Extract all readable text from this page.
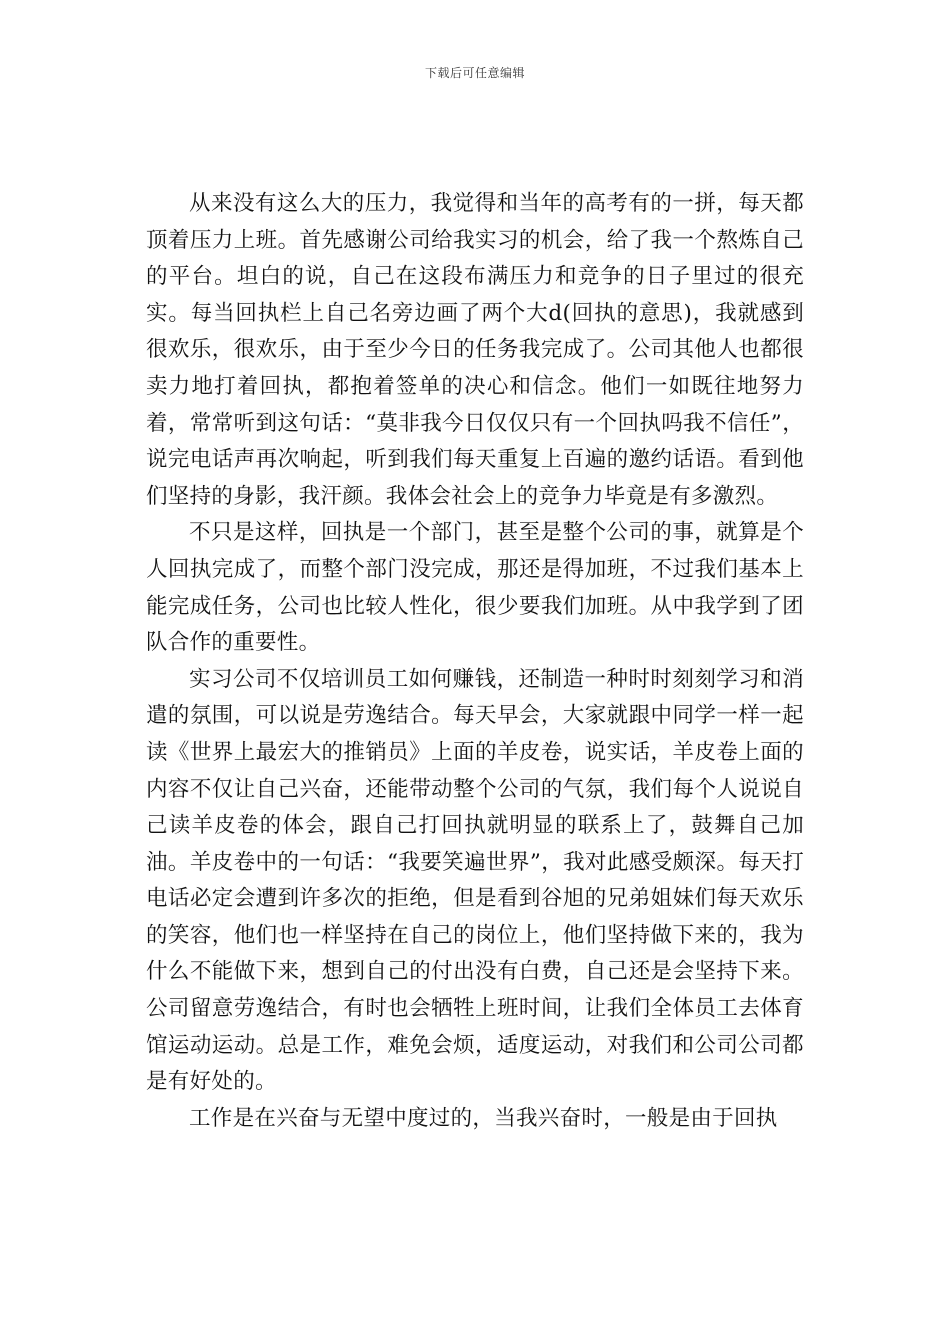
下载后可任意编辑

从来没有这么大的压力，我觉得和当年的高考有的一拼，每天都顶着压力上班。首先感谢公司给我实习的机会，给了我一个熬炼自己的平台。坦白的说，自己在这段布满压力和竞争的日子里过的很充实。每当回执栏上自己名旁边画了两个大d(回执的意思)，我就感到很欢乐，很欢乐，由于至少今日的任务我完成了。公司其他人也都很卖力地打着回执，都抱着签单的决心和信念。他们一如既往地努力着，常常听到这句话：“莫非我今日仅仅只有一个回执吗我不信任”，说完电话声再次响起，听到我们每天重复上百遍的邀约话语。看到他们坚持的身影，我汗颜。我体会社会上的竞争力毕竟是有多激烈。

不只是这样，回执是一个部门，甚至是整个公司的事，就算是个人回执完成了，而整个部门没完成，那还是得加班，不过我们基本上能完成任务，公司也比较人性化，很少要我们加班。从中我学到了团队合作的重要性。

实习公司不仅培训员工如何赚钱，还制造一种时时刻刻学习和消遣的氛围，可以说是劳逸结合。每天早会，大家就跟中同学一样一起读《世界上最宏大的推销员》上面的羊皮卷，说实话，羊皮卷上面的内容不仅让自己兴奋，还能带动整个公司的气氛，我们每个人说说自己读羊皮卷的体会，跟自己打回执就明显的联系上了，鼓舞自己加油。羊皮卷中的一句话：“我要笑遍世界”，我对此感受颇深。每天打电话必定会遭到许多次的拒绝，但是看到谷旭的兄弟姐妹们每天欢乐的笑容，他们也一样坚持在自己的岗位上，他们坚持做下来的，我为什么不能做下来，想到自己的付出没有白费，自己还是会坚持下来。公司留意劳逸结合，有时也会牺牲上班时间，让我们全体员工去体育馆运动运动。总是工作，难免会烦，适度运动，对我们和公司公司都是有好处的。

工作是在兴奋与无望中度过的，当我兴奋时，一般是由于回执
